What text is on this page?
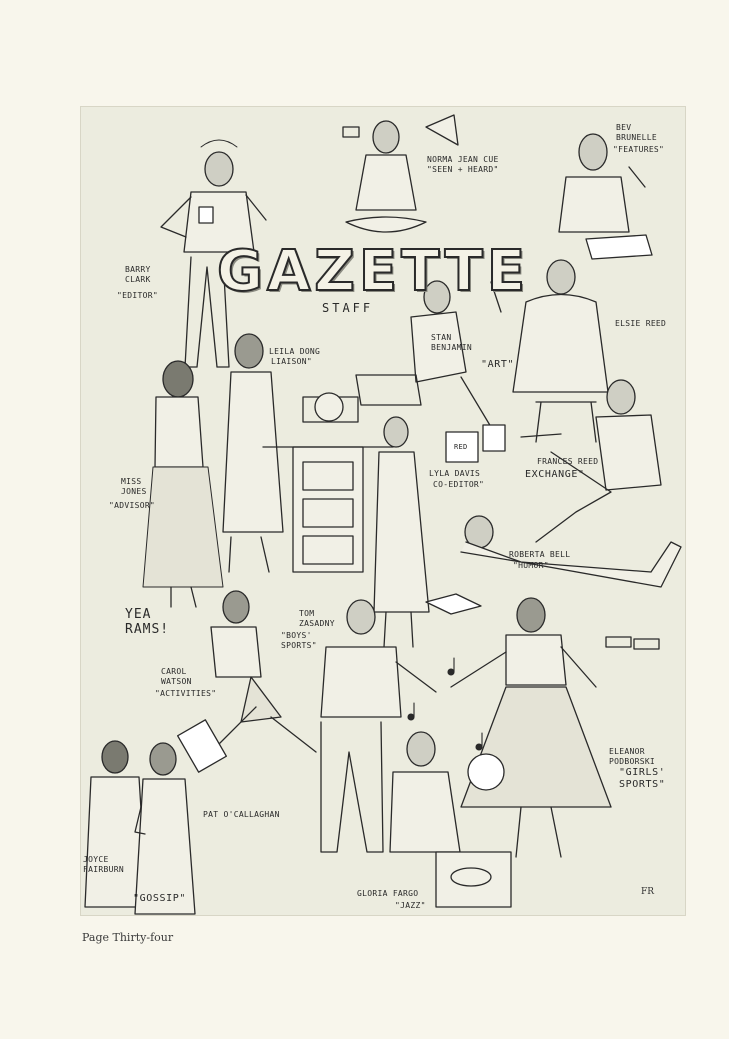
GAZETTE
STAFF
BARRY
CLARK
"EDITOR"
NORMA JEAN CUE
"SEEN + HEARD"
BEV
BRUNELLE
"FEATURES"
LEILA DONG
LIAISON"
STAN
BENJAMIN
"ART"
ELSIE REED
MISS
JONES
"ADVISOR"
LYLA DAVIS
CO-EDITOR"
FRANCES REED
EXCHANGE"
ROBERTA BELL
"HUMOR"
YEA
RAMS!
CAROL
WATSON
"ACTIVITIES"
TOM
ZASADNY
"BOYS'
SPORTS"
ELEANOR
PODBORSKI
"GIRLS'
SPORTS"
PAT O'CALLAGHAN
JOYCE
FAIRBURN
"GOSSIP"	GLORIA FARGO
"JAZZ"
RED
FR
Page Thirty-four
